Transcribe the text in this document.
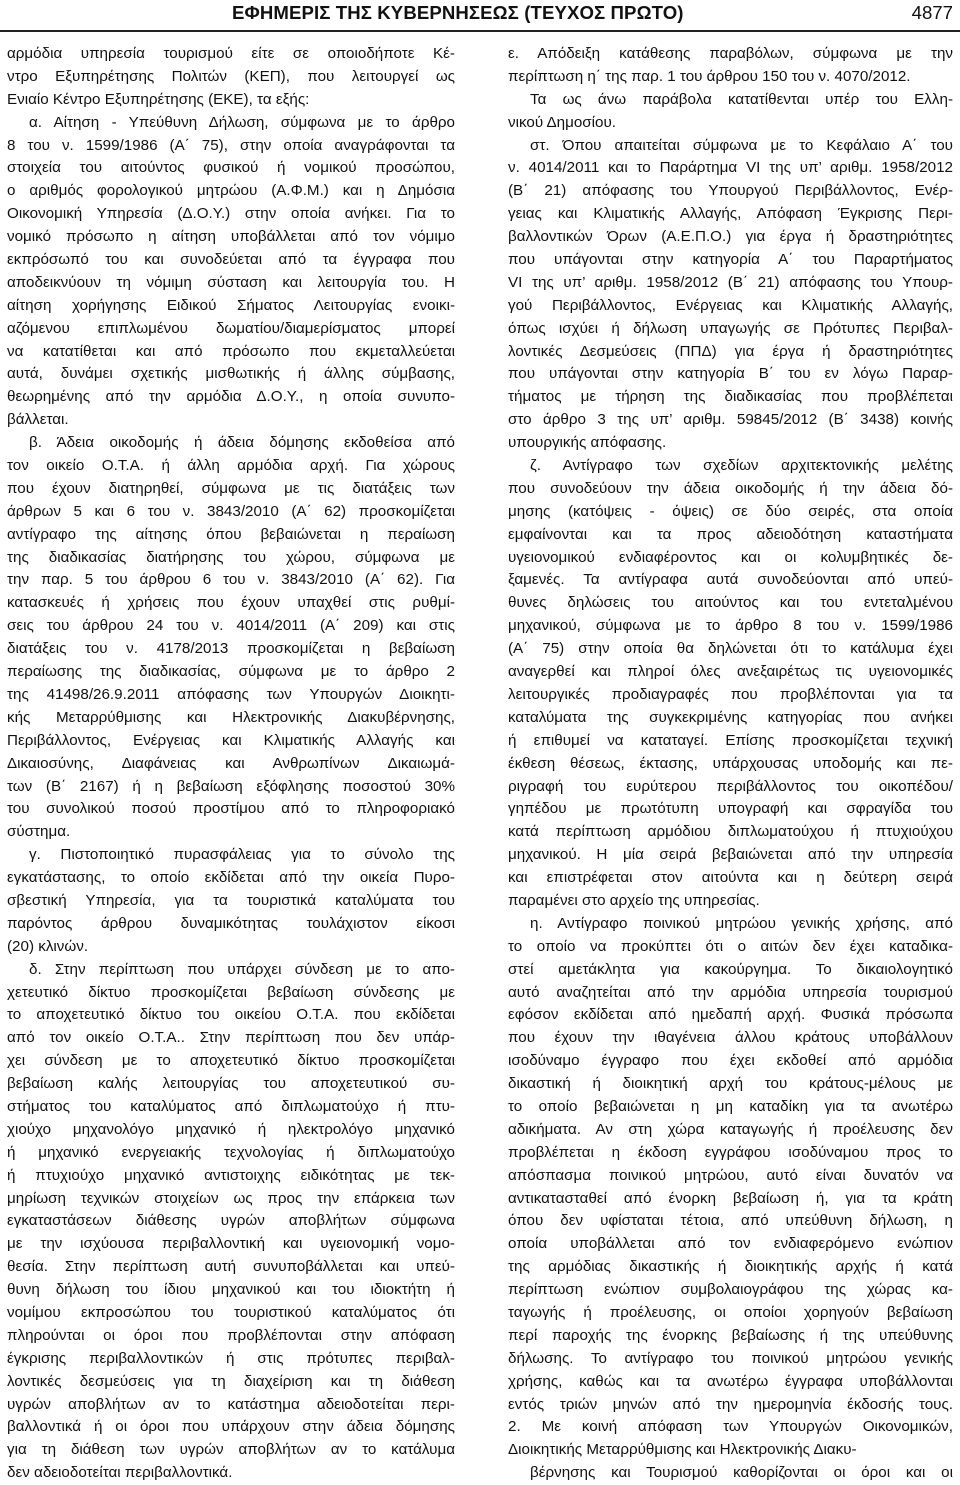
ΕΦΗΜΕΡΙΣ ΤΗΣ ΚΥΒΕΡΝΗΣΕΩΣ (ΤΕΥΧΟΣ ΠΡΩΤΟ)	4877
αρμόδια υπηρεσία τουρισμού είτε σε οποιοδήποτε Κέ-
ντρο Εξυπηρέτησης Πολιτών (ΚΕΠ), που λειτουργεί ως
Ενιαίο Κέντρο Εξυπηρέτησης (ΕΚΕ), τα εξής:
α. Αίτηση - Υπεύθυνη Δήλωση, σύμφωνα με το άρθρο
8 του ν. 1599/1986 (Α΄ 75), στην οποία αναγράφονται τα
στοιχεία του αιτούντος φυσικού ή νομικού προσώπου,
ο αριθμός φορολογικού μητρώου (Α.Φ.Μ.) και η Δημόσια
Οικονομική Υπηρεσία (Δ.Ο.Υ.) στην οποία ανήκει. Για το
νομικό πρόσωπο η αίτηση υποβάλλεται από τον νόμιμο
εκπρόσωπό του και συνοδεύεται από τα έγγραφα που
αποδεικνύουν τη νόμιμη σύσταση και λειτουργία του. Η
αίτηση χορήγησης Ειδικού Σήματος Λειτουργίας ενοικι-
αζόμενου επιπλωμένου δωματίου/διαμερίσματος μπορεί
να κατατίθεται και από πρόσωπο που εκμεταλλεύεται
αυτά, δυνάμει σχετικής μισθωτικής ή άλλης σύμβασης,
θεωρημένης από την αρμόδια Δ.Ο.Υ., η οποία συνυπο-
βάλλεται.
β. Άδεια οικοδομής ή άδεια δόμησης εκδοθείσα από
τον οικείο Ο.Τ.Α. ή άλλη αρμόδια αρχή. Για χώρους
που έχουν διατηρηθεί, σύμφωνα με τις διατάξεις των
άρθρων 5 και 6 του ν. 3843/2010 (Α΄ 62) προσκομίζεται
αντίγραφο της αίτησης όπου βεβαιώνεται η περαίωση
της διαδικασίας διατήρησης του χώρου, σύμφωνα με
την παρ. 5 του άρθρου 6 του ν. 3843/2010 (Α΄ 62). Για
κατασκευές ή χρήσεις που έχουν υπαχθεί στις ρυθμί-
σεις του άρθρου 24 του ν. 4014/2011 (Α΄ 209) και στις
διατάξεις του ν. 4178/2013 προσκομίζεται η βεβαίωση
περαίωσης της διαδικασίας, σύμφωνα με το άρθρο 2
της 41498/26.9.2011 απόφασης των Υπουργών Διοικητι-
κής Μεταρρύθμισης και Ηλεκτρονικής Διακυβέρνησης,
Περιβάλλοντος, Ενέργειας και Κλιματικής Αλλαγής και
Δικαιοσύνης, Διαφάνειας και Ανθρωπίνων Δικαιωμά-
των (Β΄ 2167) ή η βεβαίωση εξόφλησης ποσοστού 30%
του συνολικού ποσού προστίμου από το πληροφοριακό
σύστημα.
γ. Πιστοποιητικό πυρασφάλειας για το σύνολο της
εγκατάστασης, το οποίο εκδίδεται από την οικεία Πυρο-
σβεστική Υπηρεσία, για τα τουριστικά καταλύματα του
παρόντος άρθρου δυναμικότητας τουλάχιστον είκοσι
(20) κλινών.
δ. Στην περίπτωση που υπάρχει σύνδεση με το απο-
χετευτικό δίκτυο προσκομίζεται βεβαίωση σύνδεσης με
το αποχετευτικό δίκτυο του οικείου Ο.Τ.Α. που εκδίδεται
από τον οικείο Ο.Τ.Α.. Στην περίπτωση που δεν υπάρ-
χει σύνδεση με το αποχετευτικό δίκτυο προσκομίζεται
βεβαίωση καλής λειτουργίας του αποχετευτικού συ-
στήματος του καταλύματος από διπλωματούχο ή πτυ-
χιούχο μηχανολόγο μηχανικό ή ηλεκτρολόγο μηχανικό
ή μηχανικό ενεργειακής τεχνολογίας ή διπλωματούχο
ή πτυχιούχο μηχανικό αντιστοιχης ειδικότητας με τεκ-
μηρίωση τεχνικών στοιχείων ως προς την επάρκεια των
εγκαταστάσεων διάθεσης υγρών αποβλήτων σύμφωνα
με την ισχύουσα περιβαλλοντική και υγειονομική νομο-
θεσία. Στην περίπτωση αυτή συνυποβάλλεται και υπεύ-
θυνη δήλωση του ίδιου μηχανικού και του ιδιοκτήτη ή
νομίμου εκπροσώπου του τουριστικού καταλύματος ότι
πληρούνται οι όροι που προβλέπονται στην απόφαση
έγκρισης περιβαλλοντικών ή στις πρότυπες περιβαλ-
λοντικές δεσμεύσεις για τη διαχείριση και τη διάθεση
υγρών αποβλήτων αν το κατάστημα αδειοδοτείται περι-
βαλλοντικά ή οι όροι που υπάρχουν στην άδεια δόμησης
για τη διάθεση των υγρών αποβλήτων αν το κατάλυμα
δεν αδειοδοτείται περιβαλλοντικά.
ε. Απόδειξη κατάθεσης παραβόλων, σύμφωνα με την
περίπτωση η΄ της παρ. 1 του άρθρου 150 του ν. 4070/2012.
Τα ως άνω παράβολα κατατίθενται υπέρ του Ελλη-
νικού Δημοσίου.
στ. Όπου απαιτείται σύμφωνα με το Κεφάλαιο Α΄ του
ν. 4014/2011 και το Παράρτημα VI της υπ’ αριθμ. 1958/2012
(Β΄ 21) απόφασης του Υπουργού Περιβάλλοντος, Ενέρ-
γειας και Κλιματικής Αλλαγής, Απόφαση Έγκρισης Περι-
βαλλοντικών Όρων (Α.Ε.Π.Ο.) για έργα ή δραστηριότητες
που υπάγονται στην κατηγορία Α΄ του Παραρτήματος
VI της υπ’ αριθμ. 1958/2012 (Β΄ 21) απόφασης του Υπουρ-
γού Περιβάλλοντος, Ενέργειας και Κλιματικής Αλλαγής,
όπως ισχύει ή δήλωση υπαγωγής σε Πρότυπες Περιβαλ-
λοντικές Δεσμεύσεις (ΠΠΔ) για έργα ή δραστηριότητες
που υπάγονται στην κατηγορία Β΄ του εν λόγω Παραρ-
τήματος με τήρηση της διαδικασίας που προβλέπεται
στο άρθρο 3 της υπ’ αριθμ. 59845/2012 (Β΄ 3438) κοινής
υπουργικής απόφασης.
ζ. Αντίγραφο των σχεδίων αρχιτεκτονικής μελέτης
που συνοδεύουν την άδεια οικοδομής ή την άδεια δό-
μησης (κατόψεις - όψεις) σε δύο σειρές, στα οποία
εμφαίνονται και τα προς αδειοδότηση καταστήματα
υγειονομικού ενδιαφέροντος και οι κολυμβητικές δε-
ξαμενές. Τα αντίγραφα αυτά συνοδεύονται από υπεύ-
θυνες δηλώσεις του αιτούντος και του εντεταλμένου
μηχανικού, σύμφωνα με το άρθρο 8 του ν. 1599/1986
(Α΄ 75) στην οποία θα δηλώνεται ότι το κατάλυμα έχει
αναγερθεί και πληροί όλες ανεξαιρέτως τις υγειονομικές
λειτουργικές προδιαγραφές που προβλέπονται για τα
καταλύματα της συγκεκριμένης κατηγορίας που ανήκει
ή επιθυμεί να καταταγεί. Επίσης προσκομίζεται τεχνική
έκθεση θέσεως, έκτασης, υπάρχουσας υποδομής και πε-
ριγραφή του ευρύτερου περιβάλλοντος του οικοπέδου/
γηπέδου με πρωτότυπη υπογραφή και σφραγίδα του
κατά περίπτωση αρμόδιου διπλωματούχου ή πτυχιούχου
μηχανικού. Η μία σειρά βεβαιώνεται από την υπηρεσία
και επιστρέφεται στον αιτούντα και η δεύτερη σειρά
παραμένει στο αρχείο της υπηρεσίας.
η. Αντίγραφο ποινικού μητρώου γενικής χρήσης, από
το οποίο να προκύπτει ότι ο αιτών δεν έχει καταδικα-
στεί αμετάκλητα για κακούργημα. Το δικαιολογητικό
αυτό αναζητείται από την αρμόδια υπηρεσία τουρισμού
εφόσον εκδίδεται από ημεδαπή αρχή. Φυσικά πρόσωπα
που έχουν την ιθαγένεια άλλου κράτους υποβάλλουν
ισοδύναμο έγγραφο που έχει εκδοθεί από αρμόδια
δικαστική ή διοικητική αρχή του κράτους-μέλους με
το οποίο βεβαιώνεται η μη καταδίκη για τα ανωτέρω
αδικήματα. Αν στη χώρα καταγωγής ή προέλευσης δεν
προβλέπεται η έκδοση εγγράφου ισοδύναμου προς το
απόσπασμα ποινικού μητρώου, αυτό είναι δυνατόν να
αντικατασταθεί από ένορκη βεβαίωση ή, για τα κράτη
όπου δεν υφίσταται τέτοια, από υπεύθυνη δήλωση, η
οποία υποβάλλεται από τον ενδιαφερόμενο ενώπιον
της αρμόδιας δικαστικής ή διοικητικής αρχής ή κατά
περίπτωση ενώπιον συμβολαιογράφου της χώρας κα-
ταγωγής ή προέλευσης, οι οποίοι χορηγούν βεβαίωση
περί παροχής της ένορκης βεβαίωσης ή της υπεύθυνης
δήλωσης. Το αντίγραφο του ποινικού μητρώου γενικής
χρήσης, καθώς και τα ανωτέρω έγγραφα υποβάλλονται
εντός τριών μηνών από την ημερομηνία έκδοσής τους.
2. Με κοινή απόφαση των Υπουργών Οικονομικών,
Διοικητικής Μεταρρύθμισης και Ηλεκτρονικής Διακυ-
βέρνησης και Τουρισμού καθορίζονται οι όροι και οι
